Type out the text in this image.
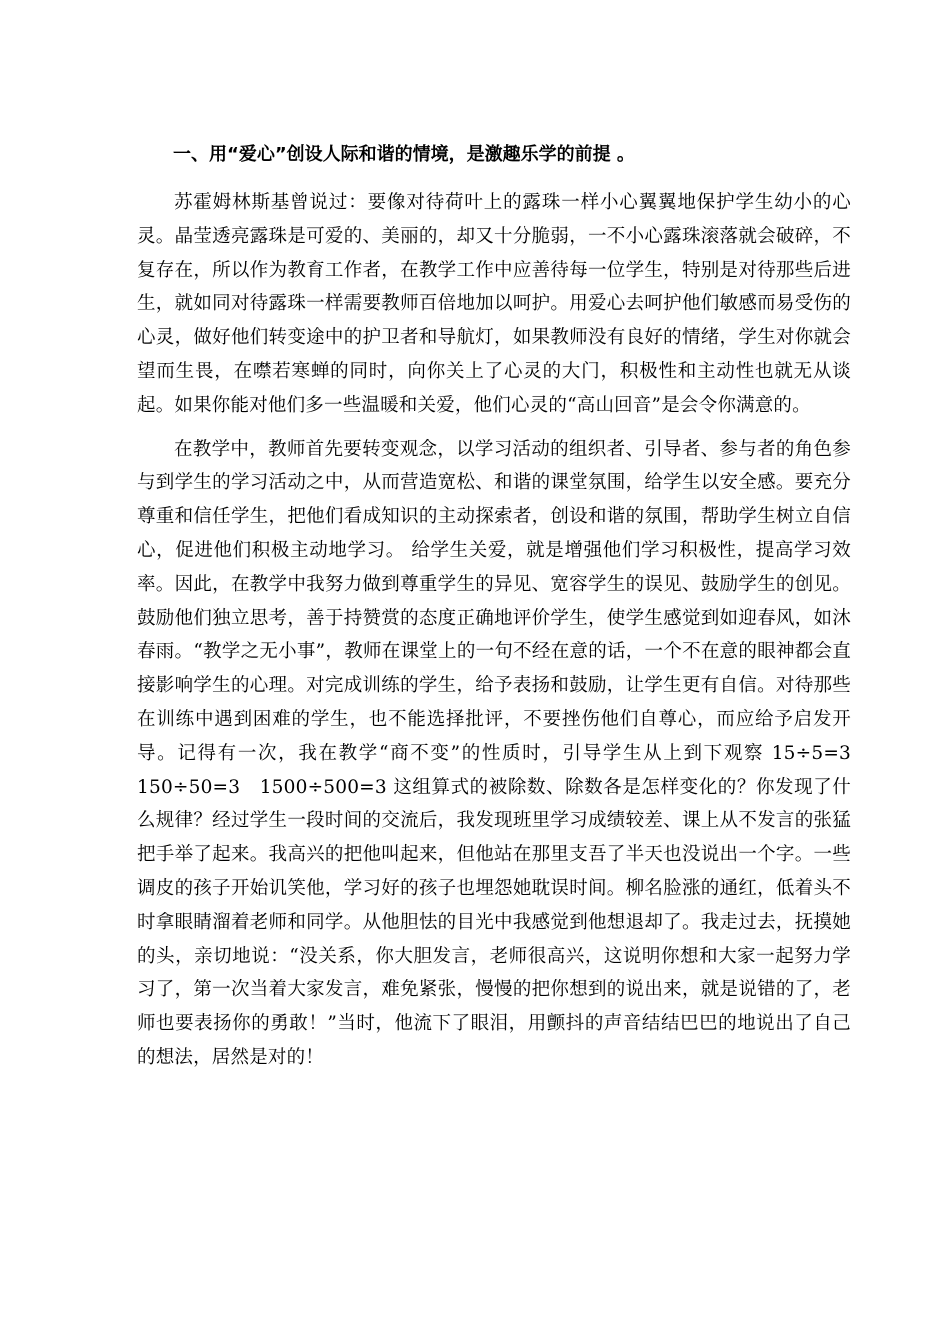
一、用“爱心”创设人际和谐的情境，是激趣乐学的前提 。

苏霍姆林斯基曾说过：要像对待荷叶上的露珠一样小心翼翼地保护学生幼小的心灵。晶莹透亮露珠是可爱的、美丽的，却又十分脆弱，一不小心露珠滚落就会破碎，不复存在，所以作为教育工作者，在教学工作中应善待每一位学生，特别是对待那些后进生，就如同对待露珠一样需要教师百倍地加以呵护。用爱心去呵护他们敏感而易受伤的心灵，做好他们转变途中的护卫者和导航灯，如果教师没有良好的情绪，学生对你就会望而生畏，在噤若寒蝉的同时，向你关上了心灵的大门，积极性和主动性也就无从谈起。如果你能对他们多一些温暖和关爱，他们心灵的“高山回音”是会令你满意的。

在教学中，教师首先要转变观念，以学习活动的组织者、引导者、参与者的角色参与到学生的学习活动之中，从而营造宽松、和谐的课堂氛围，给学生以安全感。要充分尊重和信任学生，把他们看成知识的主动探索者，创设和谐的氛围，帮助学生树立自信心，促进他们积极主动地学习。 给学生关爱，就是增强他们学习积极性，提高学习效率。因此，在教学中我努力做到尊重学生的异见、宽容学生的误见、鼓励学生的创见。鼓励他们独立思考，善于持赞赏的态度正确地评价学生，使学生感觉到如迎春风，如沐春雨。“教学之无小事”，教师在课堂上的一句不经在意的话，一个不在意的眼神都会直接影响学生的心理。对完成训练的学生，给予表扬和鼓励，让学生更有自信。对待那些在训练中遇到困难的学生，也不能选择批评，不要挫伤他们自尊心，而应给予启发开导。记得有一次，我在教学“商不变”的性质时，引导学生从上到下观察 15÷5=3　150÷50=3　1500÷500=3 这组算式的被除数、除数各是怎样变化的？你发现了什么规律？经过学生一段时间的交流后，我发现班里学习成绩较差、课上从不发言的张猛把手举了起来。我高兴的把他叫起来，但他站在那里支吾了半天也没说出一个字。一些调皮的孩子开始讥笑他，学习好的孩子也埋怨她耽误时间。柳名脸涨的通红，低着头不时拿眼睛溜着老师和同学。从他胆怯的目光中我感觉到他想退却了。我走过去，抚摸她的头，亲切地说：“没关系，你大胆发言，老师很高兴，这说明你想和大家一起努力学习了，第一次当着大家发言，难免紧张，慢慢的把你想到的说出来，就是说错的了，老师也要表扬你的勇敢！”当时，他流下了眼泪，用颤抖的声音结结巴巴的地说出了自己的想法，居然是对的！
